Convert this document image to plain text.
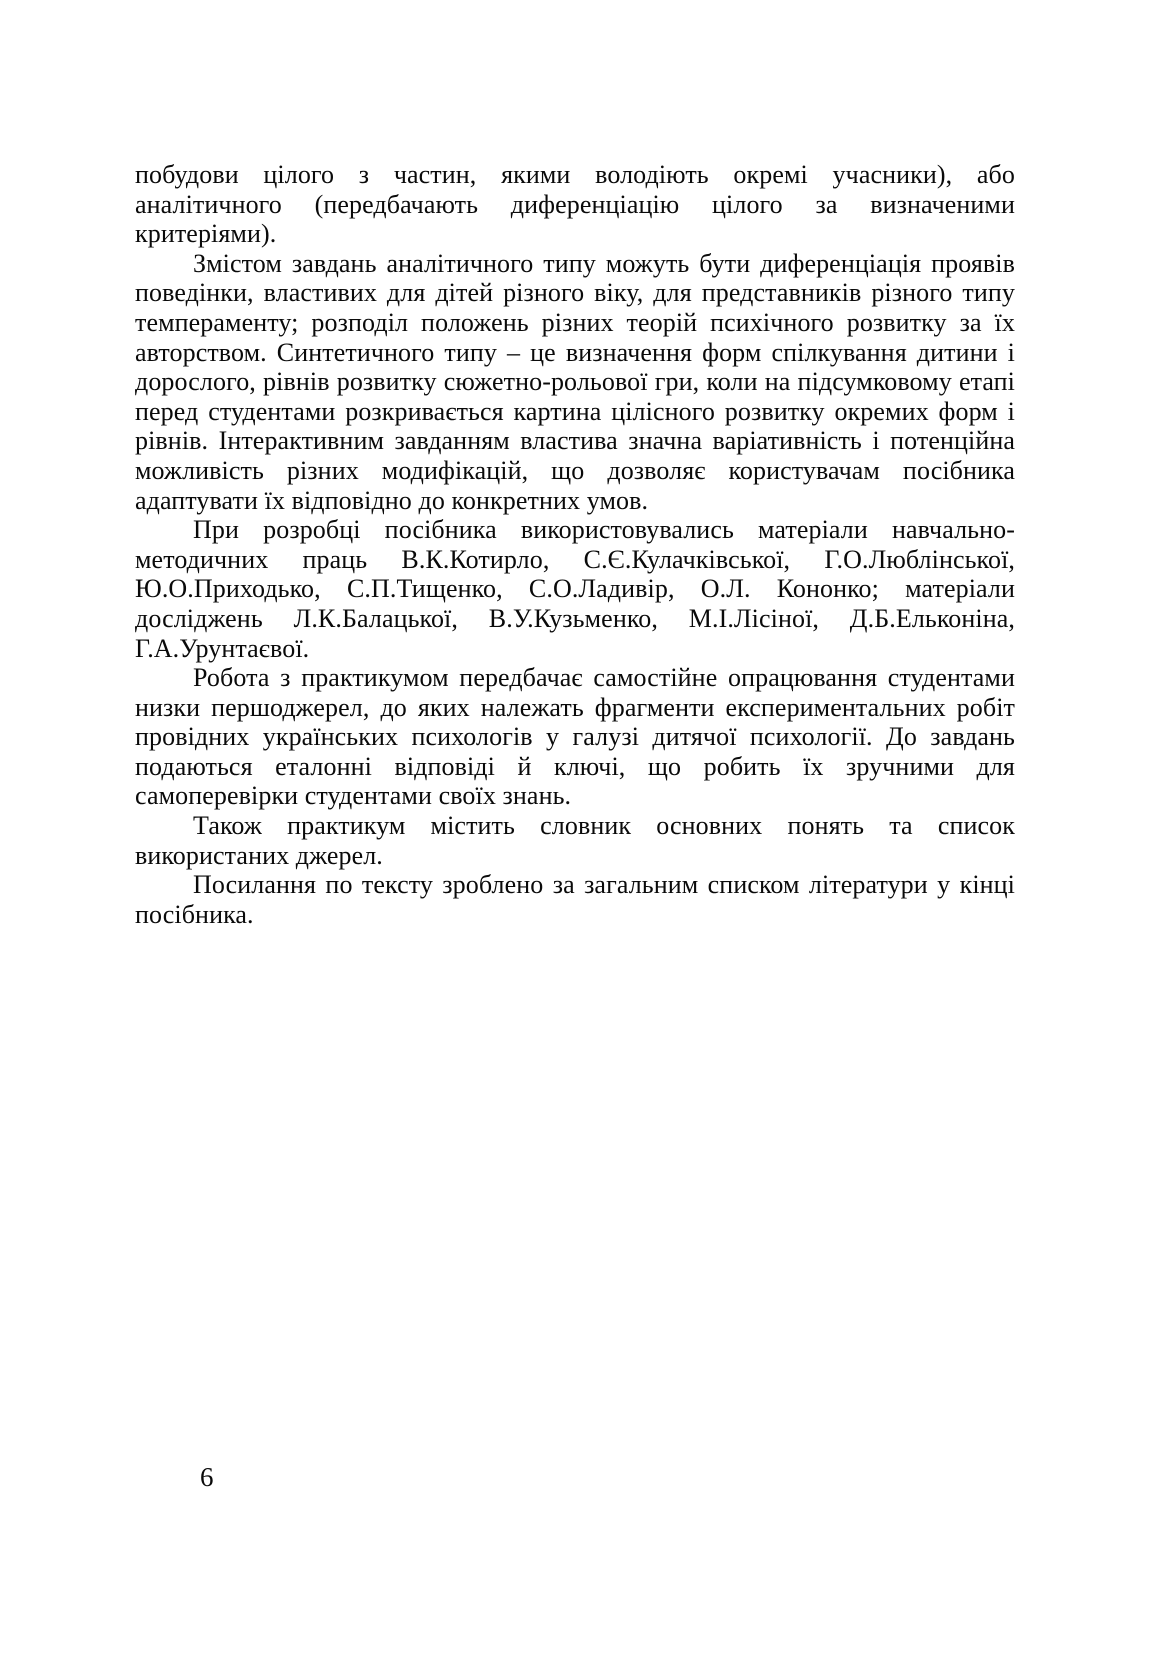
побудови цілого з частин, якими володіють окремі учасники), або аналітичного (передбачають диференціацію цілого за визначеними критеріями).

Змістом завдань аналітичного типу можуть бути диференціація проявів поведінки, властивих для дітей різного віку, для представників різного типу темпераменту; розподіл положень різних теорій психічного розвитку за їх авторством. Синтетичного типу – це визначення форм спілкування дитини і дорослого, рівнів розвитку сюжетно-рольової гри, коли на підсумковому етапі перед студентами розкривається картина цілісного розвитку окремих форм і рівнів. Інтерактивним завданням властива значна варіативність і потенційна можливість різних модифікацій, що дозволяє користувачам посібника адаптувати їх відповідно до конкретних умов.

При розробці посібника використовувались матеріали навчально-методичних праць В.К.Котирло, С.Є.Кулачківської, Г.О.Люблінської, Ю.О.Приходько, С.П.Тищенко, С.О.Ладивір, О.Л. Кононко; матеріали досліджень Л.К.Балацької, В.У.Кузьменко, М.І.Лісіної, Д.Б.Ельконіна, Г.А.Урунтаєвої.

Робота з практикумом передбачає самостійне опрацювання студентами низки першоджерел, до яких належать фрагменти експериментальних робіт провідних українських психологів у галузі дитячої психології. До завдань подаються еталонні відповіді й ключі, що робить їх зручними для самоперевірки студентами своїх знань.

Також практикум містить словник основних понять та список використаних джерел.

Посилання по тексту зроблено за загальним списком літератури у кінці посібника.

6
